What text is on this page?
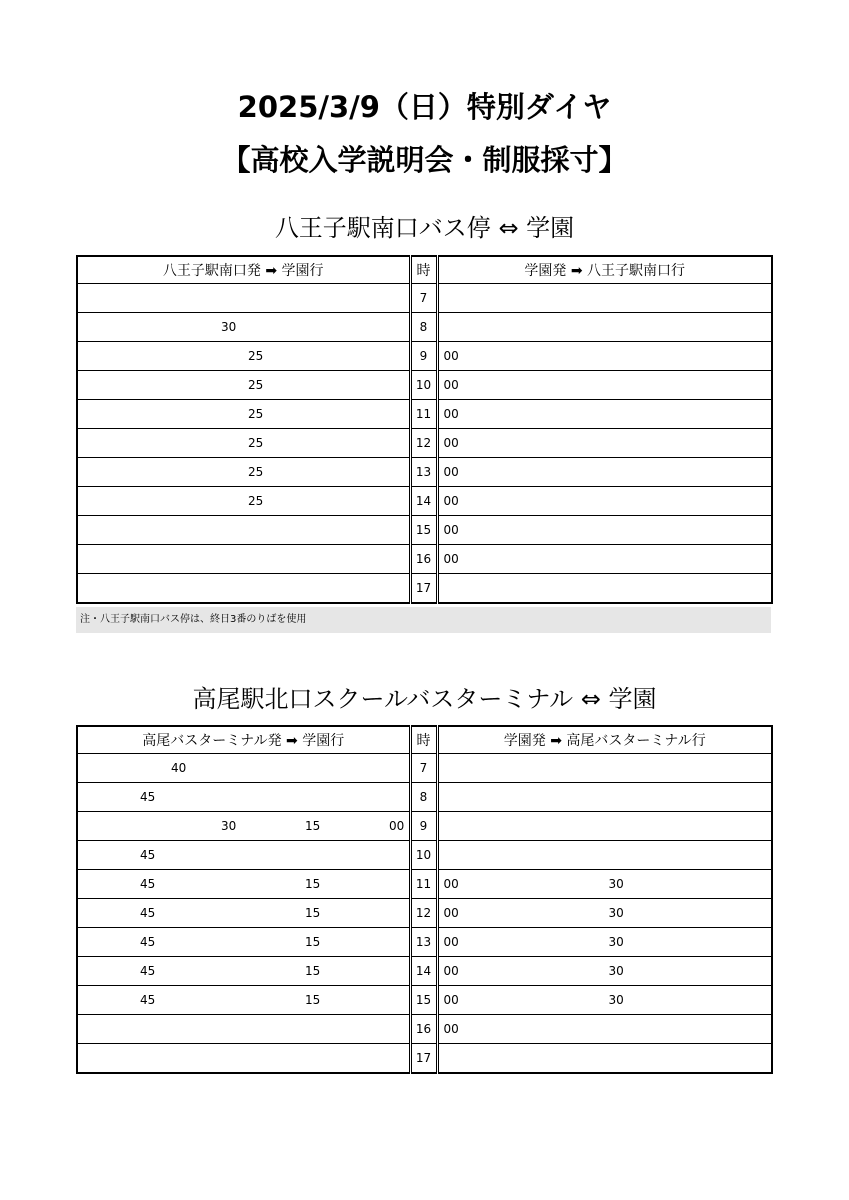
2025/3/9（日）特別ダイヤ
【高校入学説明会・制服採寸】
八王子駅南口バス停 ⇔ 学園
八王子駅南口発 ➡ 学園行	時	学園発 ➡ 八王子駅南口行
	7	

30	8	

25	9	00

25	10	00

25	11	00

25	12	00

25	13	00

25	14	00

	15	00

	16	00

	17	
注・八王子駅南口バス停は、終日3番のりばを使用
高尾駅北口スクールバスターミナル ⇔ 学園
高尾バスターミナル発 ➡ 学園行	時	学園発 ➡ 高尾バスターミナル行

40	7	

45	8	

30 15 00	9	

45	10	

45 15	11	00 30

45 15	12	00 30

45 15	13	00 30

45 15	14	00 30

45 15	15	00 30

	16	00

	17	
